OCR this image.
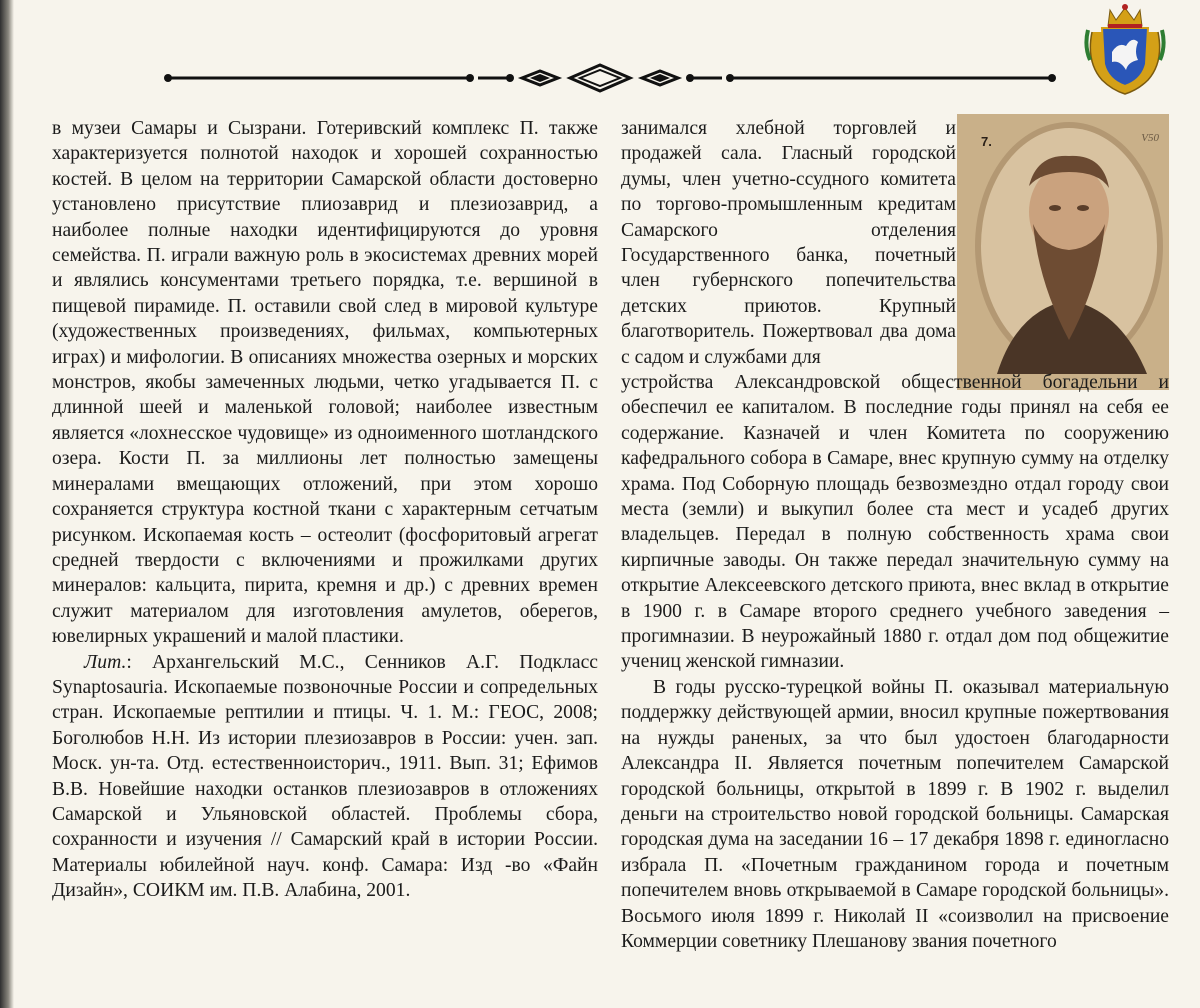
в музеи Самары и Сызрани. Готеривский комплекс П. также характеризуется полнотой находок и хорошей сохранностью костей. В целом на территории Самарской области достоверно установлено присутствие плиозаврид и плезиозаврид, а наиболее полные находки идентифицируются до уровня семейства. П. играли важную роль в экосистемах древних морей и являлись консументами третьего порядка, т.е. вершиной в пищевой пирамиде. П. оставили свой след в мировой культуре (художественных произведениях, фильмах, компьютерных играх) и мифологии. В описаниях множества озерных и морских монстров, якобы замеченных людьми, четко угадывается П. с длинной шеей и маленькой головой; наиболее известным является «лохнесское чудовище» из одноименного шотландского озера. Кости П. за миллионы лет полностью замещены минералами вмещающих отложений, при этом хорошо сохраняется структура костной ткани с характерным сетчатым рисунком. Ископаемая кость – остеолит (фосфоритовый агрегат средней твердости с включениями и прожилками других минералов: кальцита, пирита, кремня и др.) с древних времен служит материалом для изготовления амулетов, оберегов, ювелирных украшений и малой пластики.

Лит.: Архангельский М.С., Сенников А.Г. Подкласс Synaptosauria. Ископаемые позвоночные России и сопредельных стран. Ископаемые рептилии и птицы. Ч. 1. М.: ГЕОС, 2008; Боголюбов Н.Н. Из истории плезиозавров в России: учен. зап. Моск. ун-та. Отд. естественноисторич., 1911. Вып. 31; Ефимов В.В. Новейшие находки останков плезиозавров в отложениях Самарской и Ульяновской областей. Проблемы сбора, сохранности и изучения // Самарский край в истории России. Материалы юбилейной науч. конф. Самара: Изд -во «Файн Дизайн», СОИКМ им. П.В. Алабина, 2001.

занимался хлебной торговлей и продажей сала. Гласный городской думы, член учетно-ссудного комитета по торгово-промышленным кредитам Самарского отделения Государственного банка, почетный член губернского попечительства детских приютов. Крупный благотворитель. Пожертвовал два дома с садом и службами для

7.	V50

устройства Александровской общественной богадельни и обеспечил ее капиталом. В последние годы принял на себя ее содержание. Казначей и член Комитета по сооружению кафедрального собора в Самаре, внес крупную сумму на отделку храма. Под Соборную площадь безвозмездно отдал городу свои места (земли) и выкупил более ста мест и усадеб других владельцев. Передал в полную собственность храма свои кирпичные заводы. Он также передал значительную сумму на открытие Алексеевского детского приюта, внес вклад в открытие в 1900 г. в Самаре второго среднего учебного заведения – прогимназии. В неурожайный 1880 г. отдал дом под общежитие учениц женской гимназии.

В годы русско-турецкой войны П. оказывал материальную поддержку действующей армии, вносил крупные пожертвования на нужды раненых, за что был удостоен благодарности Александра II. Является почетным попечителем Самарской городской больницы, открытой в 1899 г. В 1902 г. выделил деньги на строительство новой городской больницы. Самарская городская дума на заседании 16 – 17 декабря 1898 г. единогласно избрала П. «Почетным гражданином города и почетным попечителем вновь открываемой в Самаре городской больницы». Восьмого июля 1899 г. Николай II «соизволил на присвоение Коммерции советнику Плешанову звания почетного
